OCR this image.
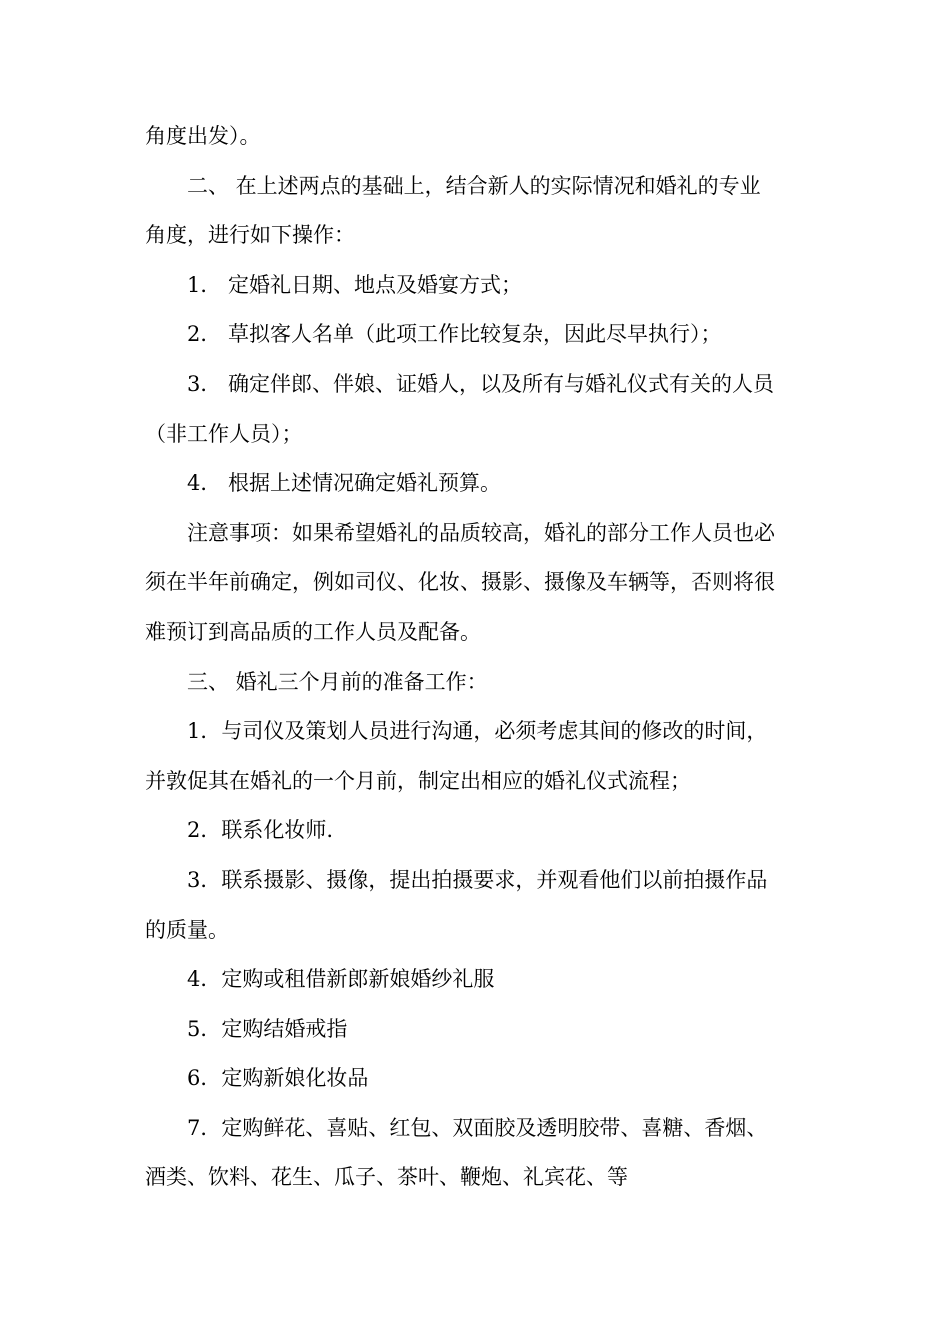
角度出发）。

二、 在上述两点的基础上，结合新人的实际情况和婚礼的专业

角度，进行如下操作：

1． 定婚礼日期、地点及婚宴方式；

2． 草拟客人名单（此项工作比较复杂，因此尽早执行）；

3． 确定伴郎、伴娘、证婚人，以及所有与婚礼仪式有关的人员

（非工作人员）；

4． 根据上述情况确定婚礼预算。

注意事项：如果希望婚礼的品质较高，婚礼的部分工作人员也必

须在半年前确定，例如司仪、化妆、摄影、摄像及车辆等，否则将很

难预订到高品质的工作人员及配备。

三、 婚礼三个月前的准备工作：

1．与司仪及策划人员进行沟通，必须考虑其间的修改的时间，

并敦促其在婚礼的一个月前，制定出相应的婚礼仪式流程；

2．联系化妆师.

3．联系摄影、摄像，提出拍摄要求，并观看他们以前拍摄作品

的质量。

4．定购或租借新郎新娘婚纱礼服

5．定购结婚戒指

6．定购新娘化妆品

7．定购鲜花、喜贴、红包、双面胶及透明胶带、喜糖、香烟、

酒类、饮料、花生、瓜子、茶叶、鞭炮、礼宾花、等
